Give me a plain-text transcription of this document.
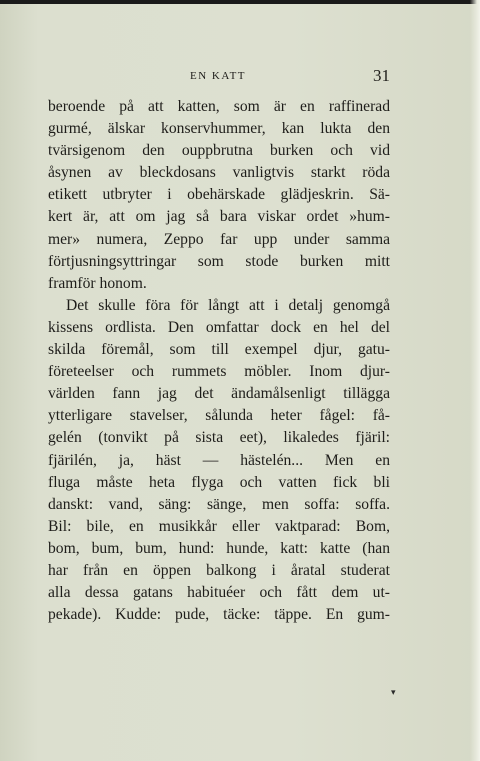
EN KATT	31
beroende på att katten, som är en raffinerad
gurmé, älskar konservhummer, kan lukta den
tvärsigenom den ouppbrutna burken och vid
åsynen av bleckdosans vanligtvis starkt röda
etikett utbryter i obehärskade glädjeskrin. Sä-
kert är, att om jag så bara viskar ordet »hum-
mer» numera, Zeppo far upp under samma
förtjusningsyttringar som stode burken mitt
framför honom.
Det skulle föra för långt att i detalj genomgå
kissens ordlista. Den omfattar dock en hel del
skilda föremål, som till exempel djur, gatu-
företeelser och rummets möbler. Inom djur-
världen fann jag det ändamålsenligt tillägga
ytterligare stavelser, sålunda heter fågel: få-
gelén (tonvikt på sista eet), likaledes fjäril:
fjärilén, ja, häst — hästelén... Men en
fluga måste heta flyga och vatten fick bli
danskt: vand, säng: sänge, men soffa: soffa.
Bil: bile, en musikkår eller vaktparad: Bom,
bom, bum, bum, hund: hunde, katt: katte (han
har från en öppen balkong i åratal studerat
alla dessa gatans habituéer och fått dem ut-
pekade). Kudde: pude, täcke: täppe. En gum-
▾
